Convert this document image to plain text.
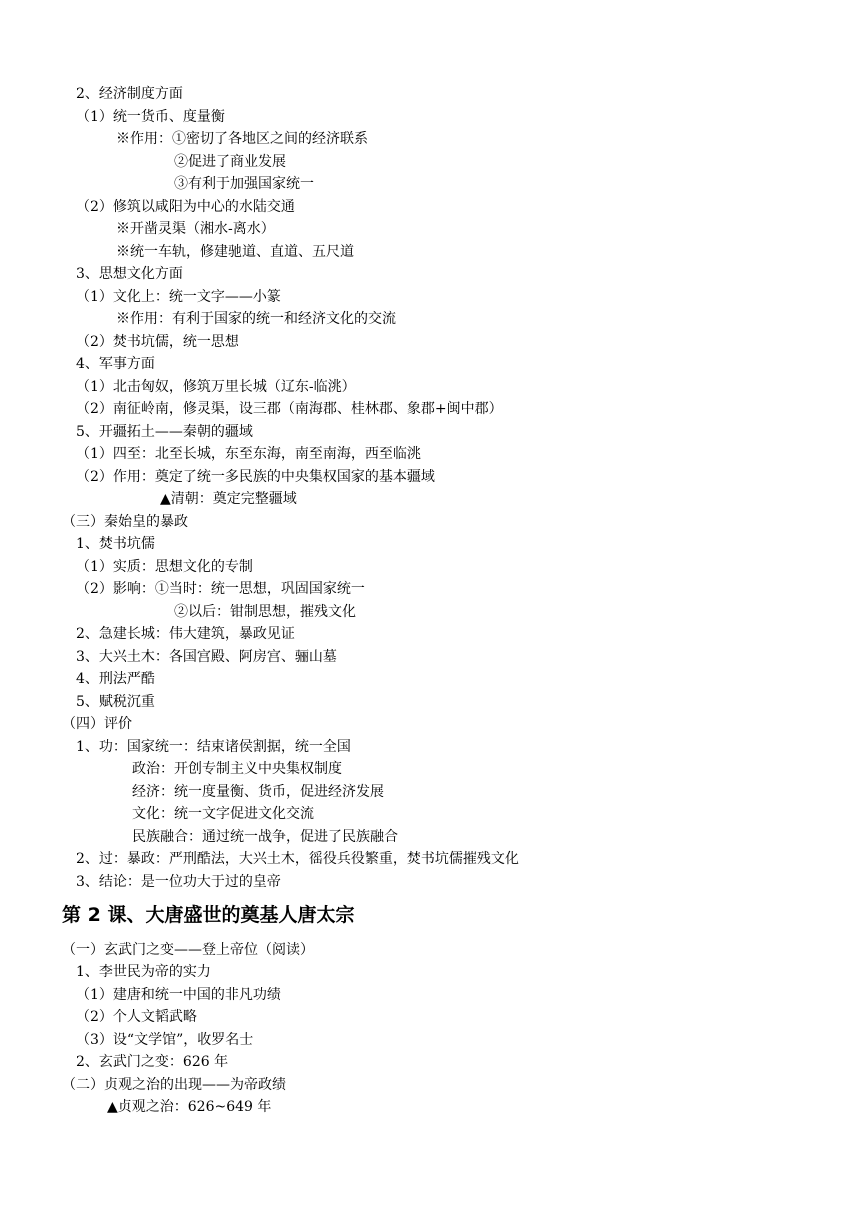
2、经济制度方面
（1）统一货币、度量衡
※作用：①密切了各地区之间的经济联系
②促进了商业发展
③有利于加强国家统一
（2）修筑以咸阳为中心的水陆交通
※开凿灵渠（湘水-离水）
※统一车轨，修建驰道、直道、五尺道
3、思想文化方面
（1）文化上：统一文字——小篆
※作用：有利于国家的统一和经济文化的交流
（2）焚书坑儒，统一思想
4、军事方面
（1）北击匈奴，修筑万里长城（辽东-临洮）
（2）南征岭南，修灵渠，设三郡（南海郡、桂林郡、象郡+闽中郡）
5、开疆拓土——秦朝的疆域
（1）四至：北至长城，东至东海，南至南海，西至临洮
（2）作用：奠定了统一多民族的中央集权国家的基本疆域
▲清朝：奠定完整疆域
（三）秦始皇的暴政
1、焚书坑儒
（1）实质：思想文化的专制
（2）影响：①当时：统一思想，巩固国家统一
②以后：钳制思想，摧残文化
2、急建长城：伟大建筑，暴政见证
3、大兴土木：各国宫殿、阿房宫、骊山墓
4、刑法严酷
5、赋税沉重
（四）评价
1、功：国家统一：结束诸侯割据，统一全国
政治：开创专制主义中央集权制度
经济：统一度量衡、货币，促进经济发展
文化：统一文字促进文化交流
民族融合：通过统一战争，促进了民族融合
2、过：暴政：严刑酷法，大兴土木，徭役兵役繁重，焚书坑儒摧残文化
3、结论：是一位功大于过的皇帝
第 2 课、大唐盛世的奠基人唐太宗
（一）玄武门之变——登上帝位（阅读）
1、李世民为帝的实力
（1）建唐和统一中国的非凡功绩
（2）个人文韬武略
（3）设“文学馆”，收罗名士
2、玄武门之变：626 年
（二）贞观之治的出现——为帝政绩
▲贞观之治：626~649 年
